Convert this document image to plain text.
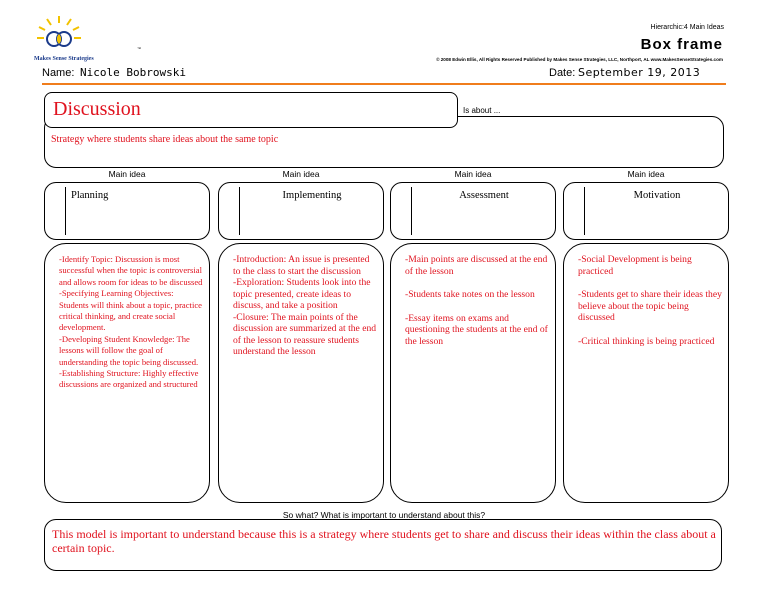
Makes Sense Strategies
™
Hierarchic:4 Main Ideas
Box frame
© 2008 Edwin Ellis, All Rights Reserved Published by Makes Sense Strategies, LLC, Northport, AL www.MakesSenseStrategies.com
Name: Nicole Bobrowski	Date: September 19, 2013
Strategy where students share ideas about the same topic
Discussion	Is about ...
Main idea
Planning

-Identify Topic: Discussion is most successful when the topic is controversial and allows room for ideas to be discussed

-Specifying Learning Objectives: Students will think about a topic, practice critical thinking, and create social development.

-Developing Student Knowledge: The lessons will follow the goal of understanding the topic being discussed.

-Establishing Structure: Highly effective discussions are organized and structured

Main idea
Implementing

-Introduction: An issue is presented to the class to start the discussion

-Exploration: Students look into the topic presented, create ideas to discuss, and take a position

-Closure: The main points of the discussion are summarized at the end of the lesson to reassure students understand the lesson

Main idea
Assessment

-Main points are discussed at the end of the lesson

-Students take notes on the lesson

-Essay items on exams and questioning the students at the end of the lesson

Main idea
Motivation

-Social Development is being practiced

-Students get to share their ideas they believe about the topic being discussed

-Critical thinking is being practiced

So what? What is important to understand about this?
This model is important to understand because this is a strategy where students get to share and discuss their ideas within the class about a certain topic.
